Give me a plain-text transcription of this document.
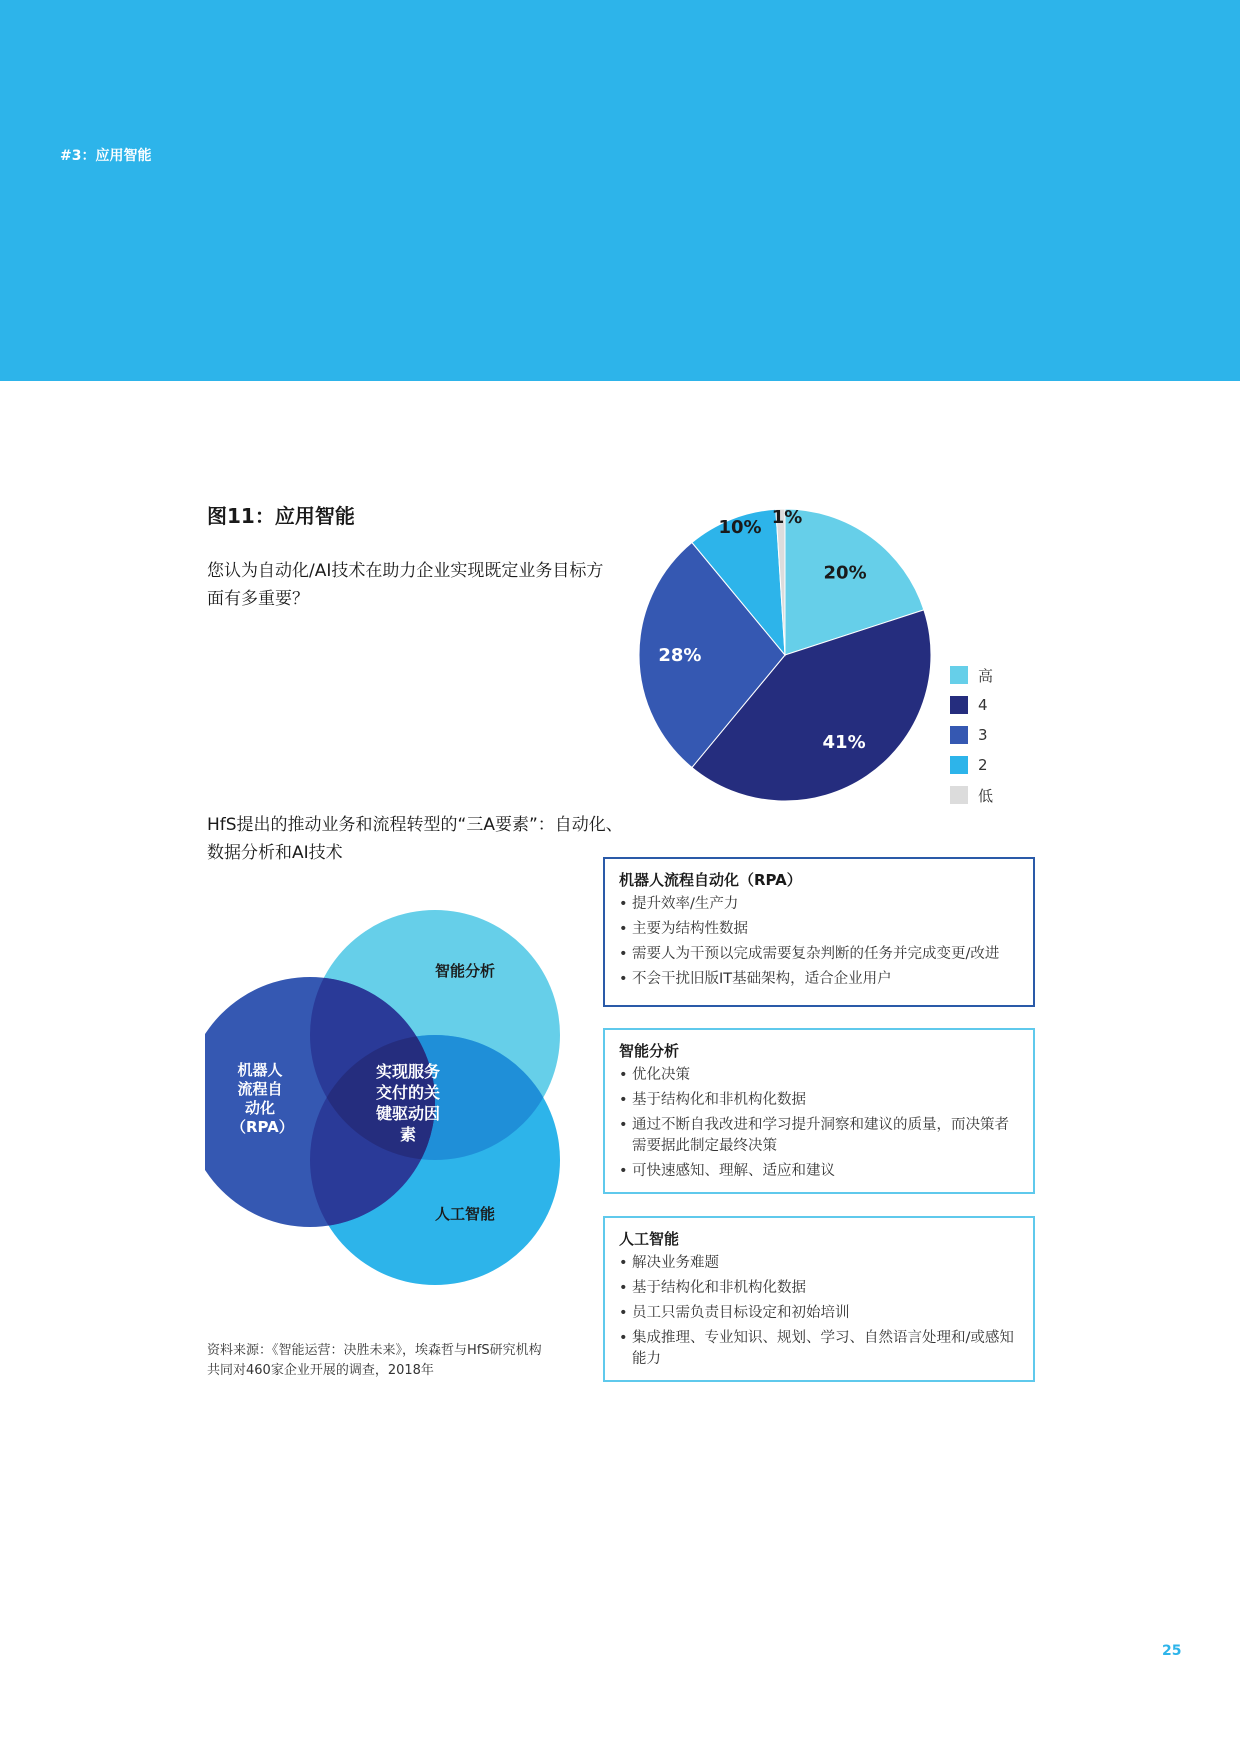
#3：应用智能
图11：应用智能
您认为自动化/AI技术在助力企业实现既定业务目标方面有多重要？
20%
41%
28%
10% 1%
高
4
3
2
低
HfS提出的推动业务和流程转型的“三A要素”：自动化、数据分析和AI技术
智能分析
机器人流程自动化（RPA）
实现服务交付的关键驱动因素
人工智能
资料来源：《智能运营：决胜未来》，埃森哲与HfS研究机构共同对460家企业开展的调查，2018年
机器人流程自动化（RPA）
• 提升效率/生产力
• 主要为结构性数据
• 需要人为干预以完成需要复杂判断的任务并完成变更/改进
• 不会干扰旧版IT基础架构，适合企业用户
智能分析
• 优化决策
• 基于结构化和非机构化数据
• 通过不断自我改进和学习提升洞察和建议的质量，而决策者需要据此制定最终决策
• 可快速感知、理解、适应和建议
人工智能
• 解决业务难题
• 基于结构化和非机构化数据
• 员工只需负责目标设定和初始培训
• 集成推理、专业知识、规划、学习、自然语言处理和/或感知能力
25
